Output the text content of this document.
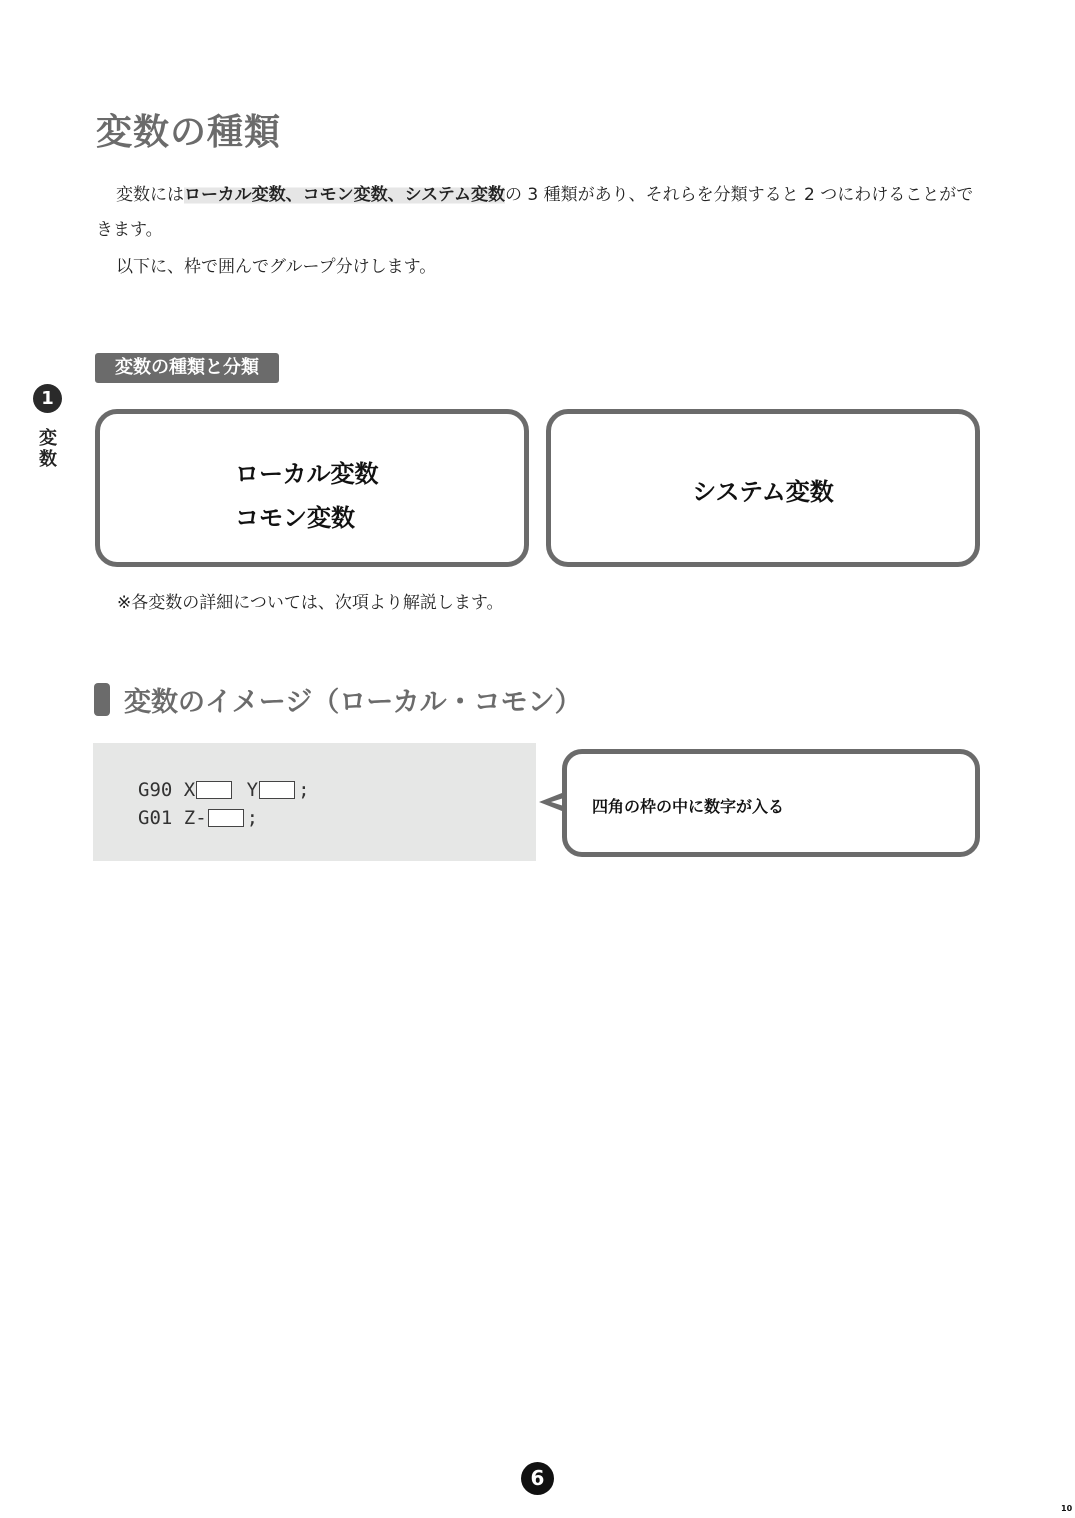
変数の種類
変数にはローカル変数、コモン変数、システム変数の 3 種類があり、それらを分類すると 2 つにわけることができます。
以下に、枠で囲んでグループ分けします。
1
変数
変数の種類と分類
ローカル変数
コモン変数
システム変数
※各変数の詳細については、次項より解説します。
変数のイメージ（ローカル・コモン）
G90 X	Y ;
G01 Z- ;
四角の枠の中に数字が入る
6
10
